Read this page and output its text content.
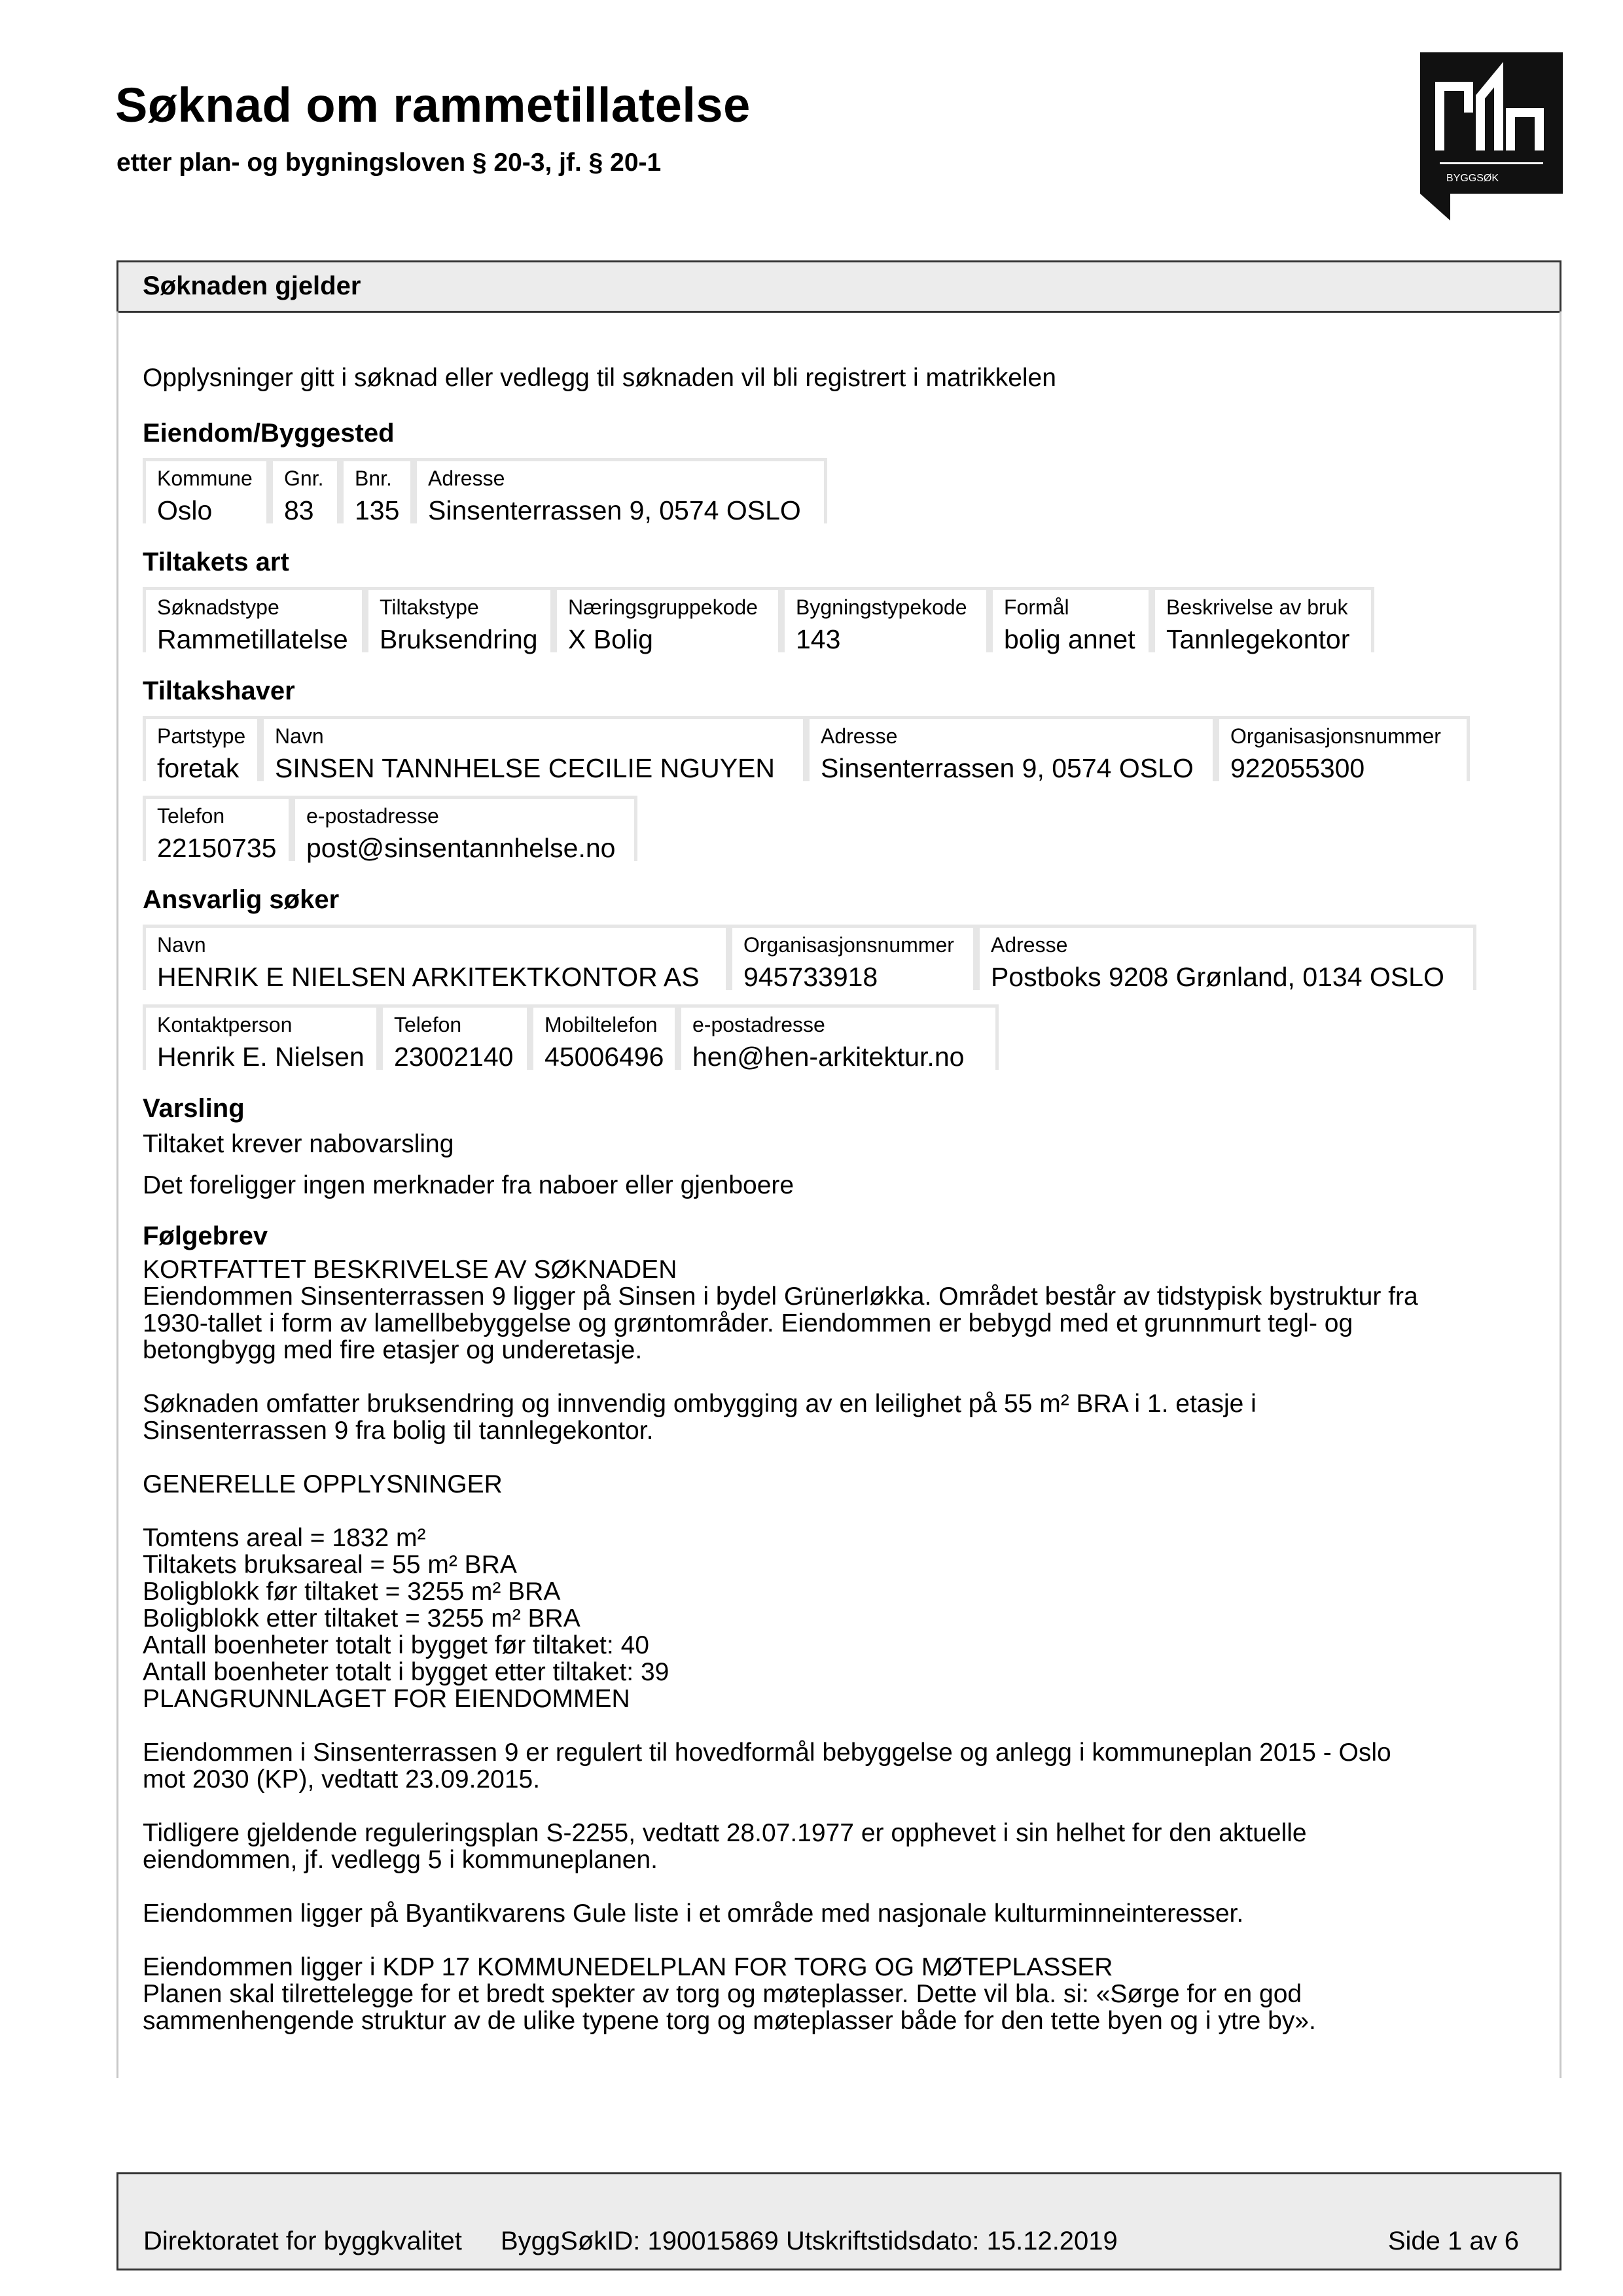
Søknad om rammetillatelse
etter plan- og bygningsloven § 20-3, jf. § 20-1
BYGGSØK
Søknaden gjelder
Opplysninger gitt i søknad eller vedlegg til søknaden vil bli registrert i matrikkelen
Eiendom/Byggested
Kommune
Oslo
Gnr.
83
Bnr.
135
Adresse
Sinsenterrassen 9, 0574 OSLO
Tiltakets art
Søknadstype
Rammetillatelse
Tiltakstype
Bruksendring
Næringsgruppekode
X Bolig
Bygningstypekode
143
Formål
bolig annet
Beskrivelse av bruk
Tannlegekontor
Tiltakshaver
Partstype
foretak
Navn
SINSEN TANNHELSE CECILIE NGUYEN
Adresse
Sinsenterrassen 9, 0574 OSLO
Organisasjonsnummer
922055300
Telefon
22150735
e-postadresse
post@sinsentannhelse.no
Ansvarlig søker
Navn
HENRIK E NIELSEN ARKITEKTKONTOR AS
Organisasjonsnummer
945733918
Adresse
Postboks 9208 Grønland, 0134 OSLO
Kontaktperson
Henrik E. Nielsen
Telefon
23002140
Mobiltelefon
45006496
e-postadresse
hen@hen-arkitektur.no
Varsling
Tiltaket krever nabovarsling
Det foreligger ingen merknader fra naboer eller gjenboere
Følgebrev
KORTFATTET BESKRIVELSE AV SØKNADEN
Eiendommen Sinsenterrassen 9 ligger på Sinsen i bydel Grünerløkka. Området består av tidstypisk bystruktur fra
1930-tallet i form av lamellbebyggelse og grøntområder. Eiendommen er bebygd med et grunnmurt tegl- og
betongbygg med fire etasjer og underetasje.

Søknaden omfatter bruksendring og innvendig ombygging av en leilighet på 55 m² BRA i 1. etasje i
Sinsenterrassen 9 fra bolig til tannlegekontor.

GENERELLE OPPLYSNINGER

Tomtens areal = 1832 m²
Tiltakets bruksareal = 55 m² BRA
Boligblokk før tiltaket = 3255 m² BRA
Boligblokk etter tiltaket = 3255 m² BRA
Antall boenheter totalt i bygget før tiltaket: 40
Antall boenheter totalt i bygget etter tiltaket: 39
PLANGRUNNLAGET FOR EIENDOMMEN

Eiendommen i Sinsenterrassen 9 er regulert til hovedformål bebyggelse og anlegg i kommuneplan 2015 - Oslo
mot 2030 (KP), vedtatt 23.09.2015.

Tidligere gjeldende reguleringsplan S-2255, vedtatt 28.07.1977 er opphevet i sin helhet for den aktuelle
eiendommen, jf. vedlegg 5 i kommuneplanen.

Eiendommen ligger på Byantikvarens Gule liste i et område med nasjonale kulturminneinteresser.

Eiendommen ligger i KDP 17 KOMMUNEDELPLAN FOR TORG OG MØTEPLASSER
Planen skal tilrettelegge for et bredt spekter av torg og møteplasser. Dette vil bla. si: «Sørge for en god
sammenhengende struktur av de ulike typene torg og møteplasser både for den tette byen og i ytre by».
Direktoratet for byggkvalitet ByggSøkID: 190015869 Utskriftstidsdato: 15.12.2019	Side 1 av 6
